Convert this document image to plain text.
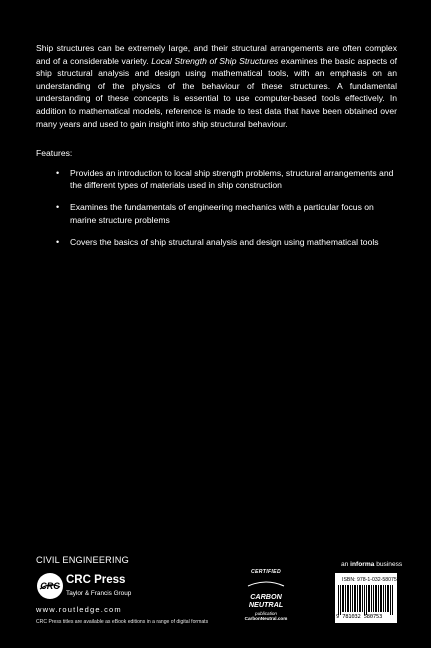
Ship structures can be extremely large, and their structural arrangements are often complex and of a considerable variety. Local Strength of Ship Structures examines the basic aspects of ship structural analysis and design using mathematical tools, with an emphasis on an understanding of the physics of the behaviour of these structures. A fundamental understanding of these concepts is essential to use computer-based tools effectively. In addition to mathematical models, reference is made to test data that have been obtained over many years and used to gain insight into ship structural behaviour.
Features:
• Provides an introduction to local ship strength problems, structural arrangements and the different types of materials used in ship construction
• Examines the fundamentals of engineering mechanics with a particular focus on marine structure problems
• Covers the basics of ship structural analysis and design using mathematical tools
CIVIL ENGINEERING
CRC CRC Press
Taylor & Francis Group
www.routledge.com
CRC Press titles are available as eBook editions in a range of digital formats
CERTIFIED
CARBON
NEUTRAL
publication
CarbonNeutral.com
an informa business
ISBN: 978-1-032-58075-3
9 781032 580753
